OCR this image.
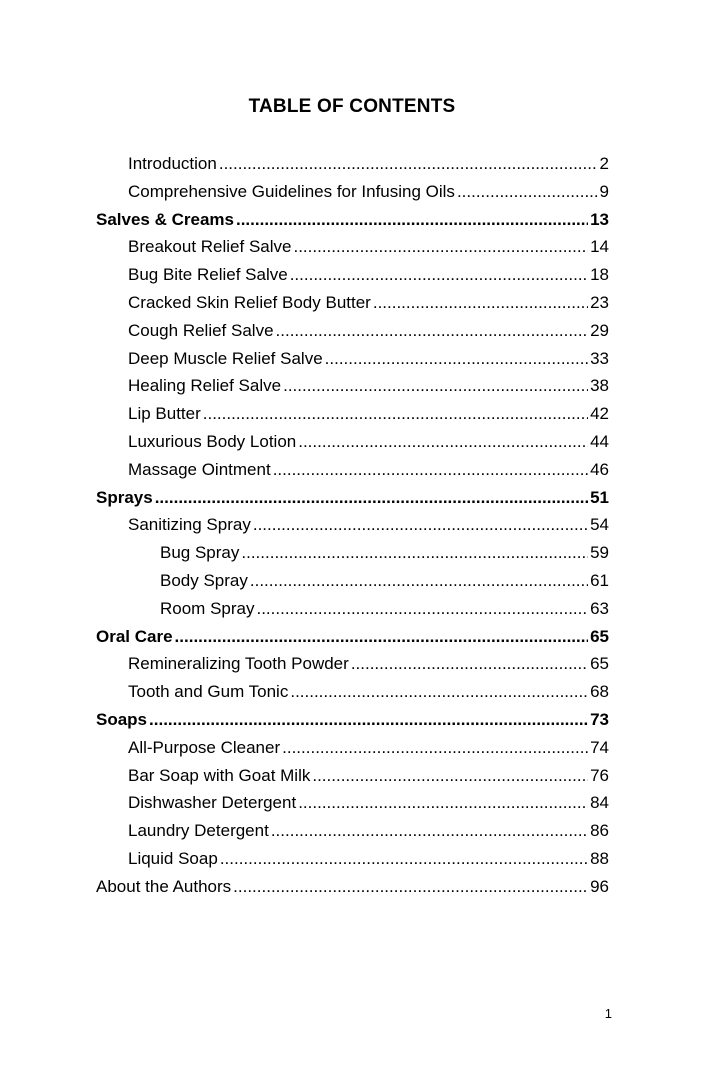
TABLE OF CONTENTS
Introduction .....	2
Comprehensive Guidelines for Infusing Oils .....	9
Salves & Creams .....	13
Breakout Relief Salve .....	14
Bug Bite Relief Salve .....	18
Cracked Skin Relief Body Butter .....	23
Cough Relief Salve .....	29
Deep Muscle Relief Salve .....	33
Healing Relief Salve .....	38
Lip Butter .....	42
Luxurious Body Lotion .....	44
Massage Ointment .....	46
Sprays .....	51
Sanitizing Spray .....	54
Bug Spray .....	59
Body Spray .....	61
Room Spray .....	63
Oral Care .....	65
Remineralizing Tooth Powder .....	65
Tooth and Gum Tonic .....	68
Soaps .....	73
All-Purpose Cleaner .....	74
Bar Soap with Goat Milk .....	76
Dishwasher Detergent .....	84
Laundry Detergent .....	86
Liquid Soap .....	88
About the Authors .....	96
1
